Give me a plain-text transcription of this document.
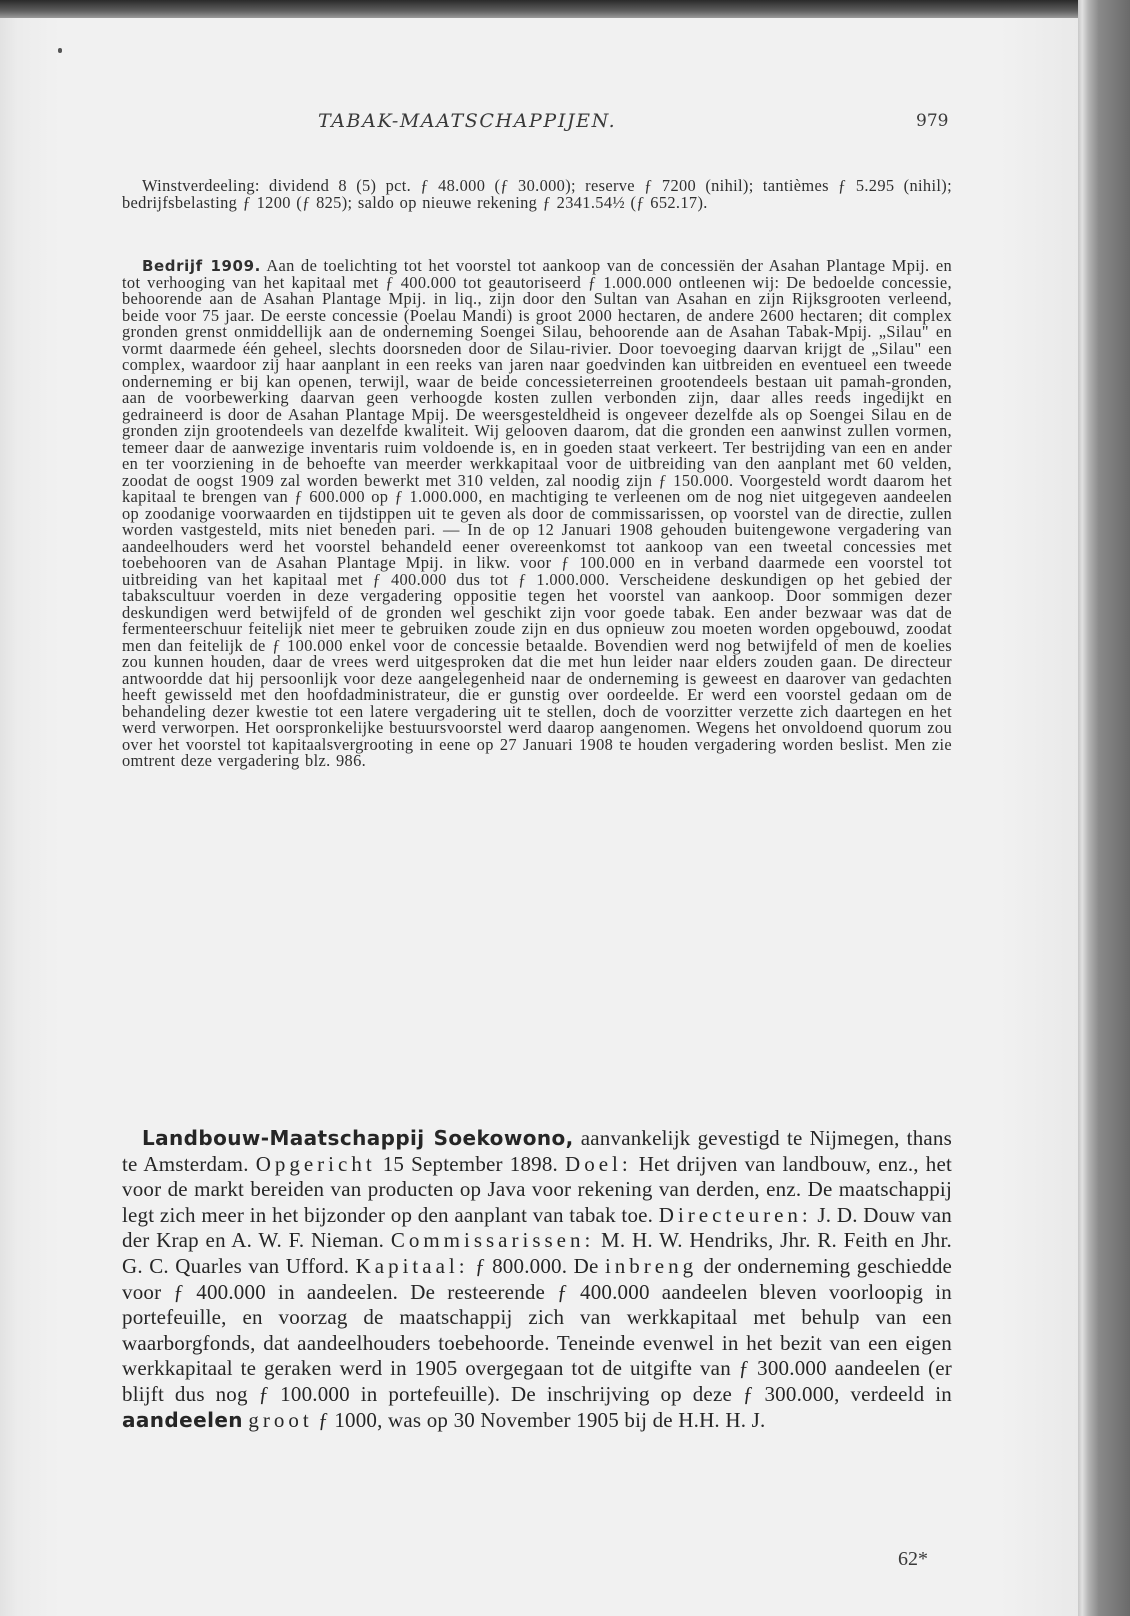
TABAK-MAATSCHAPPIJEN.	979
Winstverdeeling: dividend 8 (5) pct. ƒ 48.000 (ƒ 30.000); reserve ƒ 7200 (nihil); tantièmes ƒ 5.295 (nihil); bedrijfsbelasting ƒ 1200 (ƒ 825); saldo op nieuwe rekening ƒ 2341.54½ (ƒ 652.17).
Bedrijf 1909. Aan de toelichting tot het voorstel tot aankoop van de concessiën der Asahan Plantage Mpij. en tot verhooging van het kapitaal met ƒ 400.000 tot geautoriseerd ƒ 1.000.000 ontleenen wij: De bedoelde concessie, behoorende aan de Asahan Plantage Mpij. in liq., zijn door den Sultan van Asahan en zijn Rijksgrooten verleend, beide voor 75 jaar. De eerste concessie (Poelau Mandi) is groot 2000 hectaren, de andere 2600 hectaren; dit complex gronden grenst onmiddellijk aan de onderneming Soengei Silau, behoorende aan de Asahan Tabak-Mpij. „Silau" en vormt daarmede één geheel, slechts doorsneden door de Silau-rivier. Door toevoeging daarvan krijgt de „Silau" een complex, waardoor zij haar aanplant in een reeks van jaren naar goedvinden kan uitbreiden en eventueel een tweede onderneming er bij kan openen, terwijl, waar de beide concessieterreinen grootendeels bestaan uit pamah-gronden, aan de voorbewerking daarvan geen verhoogde kosten zullen verbonden zijn, daar alles reeds ingedijkt en gedraineerd is door de Asahan Plantage Mpij. De weersgesteldheid is ongeveer dezelfde als op Soengei Silau en de gronden zijn grootendeels van dezelfde kwaliteit. Wij gelooven daarom, dat die gronden een aanwinst zullen vormen, temeer daar de aanwezige inventaris ruim voldoende is, en in goeden staat verkeert. Ter bestrijding van een en ander en ter voorziening in de behoefte van meerder werkkapitaal voor de uitbreiding van den aanplant met 60 velden, zoodat de oogst 1909 zal worden bewerkt met 310 velden, zal noodig zijn ƒ 150.000. Voorgesteld wordt daarom het kapitaal te brengen van ƒ 600.000 op ƒ 1.000.000, en machtiging te verleenen om de nog niet uitgegeven aandeelen op zoodanige voorwaarden en tijdstippen uit te geven als door de commissarissen, op voorstel van de directie, zullen worden vastgesteld, mits niet beneden pari. — In de op 12 Januari 1908 gehouden buitengewone vergadering van aandeelhouders werd het voorstel behandeld eener overeenkomst tot aankoop van een tweetal concessies met toebehooren van de Asahan Plantage Mpij. in likw. voor ƒ 100.000 en in verband daarmede een voorstel tot uitbreiding van het kapitaal met ƒ 400.000 dus tot ƒ 1.000.000. Verscheidene deskundigen op het gebied der tabakscultuur voerden in deze vergadering oppositie tegen het voorstel van aankoop. Door sommigen dezer deskundigen werd betwijfeld of de gronden wel geschikt zijn voor goede tabak. Een ander bezwaar was dat de fermenteerschuur feitelijk niet meer te gebruiken zoude zijn en dus opnieuw zou moeten worden opgebouwd, zoodat men dan feitelijk de ƒ 100.000 enkel voor de concessie betaalde. Bovendien werd nog betwijfeld of men de koelies zou kunnen houden, daar de vrees werd uitgesproken dat die met hun leider naar elders zouden gaan. De directeur antwoordde dat hij persoonlijk voor deze aangelegenheid naar de onderneming is geweest en daarover van gedachten heeft gewisseld met den hoofdadministrateur, die er gunstig over oordeelde. Er werd een voorstel gedaan om de behandeling dezer kwestie tot een latere vergadering uit te stellen, doch de voorzitter verzette zich daartegen en het werd verworpen. Het oorspronkelijke bestuursvoorstel werd daarop aangenomen. Wegens het onvoldoend quorum zou over het voorstel tot kapitaalsvergrooting in eene op 27 Januari 1908 te houden vergadering worden beslist. Men zie omtrent deze vergadering blz. 986.
Landbouw-Maatschappij Soekowono, aanvankelijk gevestigd te Nijmegen, thans te Amsterdam. Opgericht 15 September 1898. Doel: Het drijven van landbouw, enz., het voor de markt bereiden van producten op Java voor rekening van derden, enz. De maatschappij legt zich meer in het bijzonder op den aanplant van tabak toe. Directeuren: J. D. Douw van der Krap en A. W. F. Nieman. Commissarissen: M. H. W. Hendriks, Jhr. R. Feith en Jhr. G. C. Quarles van Ufford. Kapitaal: ƒ 800.000. De inbreng der onderneming geschiedde voor ƒ 400.000 in aandeelen. De resteerende ƒ 400.000 aandeelen bleven voorloopig in portefeuille, en voorzag de maatschappij zich van werkkapitaal met behulp van een waarborgfonds, dat aandeelhouders toebehoorde. Teneinde evenwel in het bezit van een eigen werkkapitaal te geraken werd in 1905 overgegaan tot de uitgifte van ƒ 300.000 aandeelen (er blijft dus nog ƒ 100.000 in portefeuille). De inschrijving op deze ƒ 300.000, verdeeld in aandeelen groot ƒ 1000, was op 30 November 1905 bij de H.H. H. J.
62*
